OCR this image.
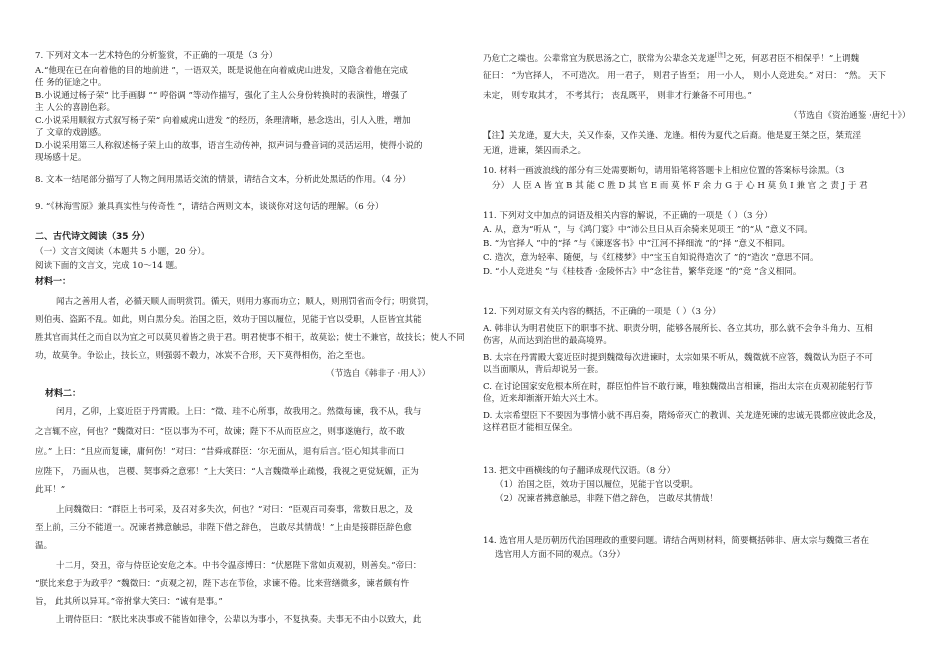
7. 下列对文本一艺术特色的分析鉴赏，不正确的一项是（3 分）
A.“他现在已在向着他的目的地前进 ”，一语双关，既是说他在向着威虎山进发，又隐含着他在完成
任 务的征途之中。
B.小说通过杨子荣“ 比手画脚 ”“ 哼俗调 ”等动作描写，强化了主人公身份转换时的表演性，增强了
主 人公的喜剧色彩。
C.小说采用顺叙方式叙写杨子荣“ 向着威虎山进发 ”的经历，条理清晰，悬念迭出，引人入胜，增加
了 文章的戏剧感。
D.小说采用第三人称叙述杨子荣上山的故事，语言生动传神，拟声词与叠音词的灵活运用，使得小说的
现场感十足。
8. 文本一结尾部分描写了人物之间用黑话交流的情景，请结合文本，分析此处黑话的作用。（4 分）
9. “《林海雪原》兼具真实性与传奇性 ”，请结合两则文本，谈谈你对这句话的理解。（6 分）
二、古代诗文阅读（35 分）
（一）文言文阅读（本题共 5 小题，20 分）。
阅读下面的文言文，完成 10～14 题。
材料一：
闻古之善用人者，必循天顺人而明赏罚。循天，则用力寡而功立；顺人，则刑罚省而令行；明赏罚，
则伯夷、盗跖不乱。如此，则白黑分矣。治国之臣，效功于国以履位，见能于官以受职，人臣皆宜其能
胜其官而其任之而自以为宜之可以莫贝着皆之贵于君。明君使事不相干，故莫讼；使士不兼官，故技长；使人不同
功，故莫争。争讼止，技长立，则强弱不毂力，冰炭不合形，天下莫得相伤，治之至也。
（节选自《韩非子 ·用人》）
材料二：
闰月，乙卯，上宴近臣于丹霄殿。上曰：“徵、珪不心所事，故我用之。然徵每谏，我不从，我与
之言辄不应，何也？”魏徵对曰：“臣以事为不可，故谏；陛下不从而臣应之，则事遂施行，故不敢
应。” 上曰：“且应而复谏，庸何伤！”对曰：“昔舜戒群臣：‘尔无面从，退有后言。’臣心知其非而口
应陛下， 乃面从也， 岂稷、契事舜之意邪！”上大笑曰：“人言魏徵举止疏慢，我视之更觉妩媚，正为
此耳！”
上问魏徵曰：“群臣上书可采，及召对多失次，何也？”对曰：“臣观百司奏事，常数日思之，及
至上前，三分不能道一。况谏者拂意触忌，非陛下借之辞色， 岂敢尽其情哉！”上由是接群臣辞色愈
温。
十二月，癸丑，帝与侍臣论安危之本。中书令温彦博曰：“伏愿陛下常如贞观初，则善矣。”帝曰：
“朕比来怠于为政乎？”魏徵曰：“贞观之初，陛下志在节俭，求谏不倦。比来营缮微多，谏者颇有忤
旨， 此其所以异耳。”帝拊掌大笑曰：“诚有是事。”
上谓侍臣曰：“朕比来决事或不能皆如律令，公辈以为事小，不复执奏。夫事无不由小以致大，此
乃危亡之端也。公辈常宜为朕思汤之亡，朕常为公辈念关龙逄[注]之死，何恶君臣不相保乎！”上谓魏
征曰： “为官择人， 不可造次。 用一君子， 则君子皆至； 用一小人， 则小人竞进矣。” 对曰： “然。 天下
未定， 则专取其才， 不考其行； 丧乱既平， 则非才行兼备不可用也。”
（节选自《资治通鉴 ·唐纪十》）
【注】关龙逄，夏大夫，关又作泰，又作关逢、龙逢。相传为夏代之后裔。他是夏王桀之臣，桀荒淫
无道，进谏，桀囚而杀之。
10. 材料一画波浪线的部分有三处需要断句，请用铅笔将答题卡上相应位置的答案标号涂黑。（3
分） 人 臣 A 皆 宜 B 其 能 C 胜 D 其 官 E 而 莫 怀 F 余 力 G 于 心 H 莫 负 I 兼 官 之 责 J 于 君
11. 下列对文中加点的词语及相关内容的解说，不正确的一项是（ ）（3 分）
A. 从，意为“听从 ”，与《鸿门宴》中“沛公旦日从百余骑来见项王 ”的“从 ”意义不同。
B. “为官择人 ”中的“择 ”与《谏逐客书》中“江河不择细流 ”的“择 ”意义不相同。
C. 造次，意为轻率、随便，与《红楼梦》中“宝玉自知说得造次了 ”的“造次 ”意思不同。
D. “小人竞进矣 ”与《桂枝香 ·金陵怀古》中“念往昔，繁华竞逐 ”的“竞 ”含义相同。
12. 下列对原文有关内容的概括，不正确的一项是（ ）（3 分）
A. 韩非认为明君使臣下的职事不扰、职责分明，能够各展所长、各立其功，那么就不会争斗角力、互相
伤害，从而达到治世的最高境界。
B. 太宗在丹霄殿大宴近臣时提到魏徵每次进谏时，太宗如果不听从，魏徵就不应答，魏徵认为臣子不可
以当面顺从，背后却说另一套。
C. 在讨论国家安危根本所在时，群臣怕件旨不敢行谏，唯独魏徵出言相谏，指出太宗在贞观初能躬行节
俭，近来却渐渐开始大兴土木。
D. 太宗希望臣下不要因为事情小就不再启奏，隋炀帝灭亡的教训、关龙逄死谏的忠诚无畏都应彼此念及，
这样君臣才能相互保全。
13. 把文中画横线的句子翻译成现代汉语。（8 分）
（1）治国之臣，效功于国以履位，见能于官以受职。
（2）况谏者拂意触忌，非陛下借之辞色， 岂敢尽其情哉！
14. 选官用人是历朝历代治国理政的重要问题。请结合两则材料，简要概括韩非、唐太宗与魏徵三者在
选官用人方面不同的观点。（3分）
